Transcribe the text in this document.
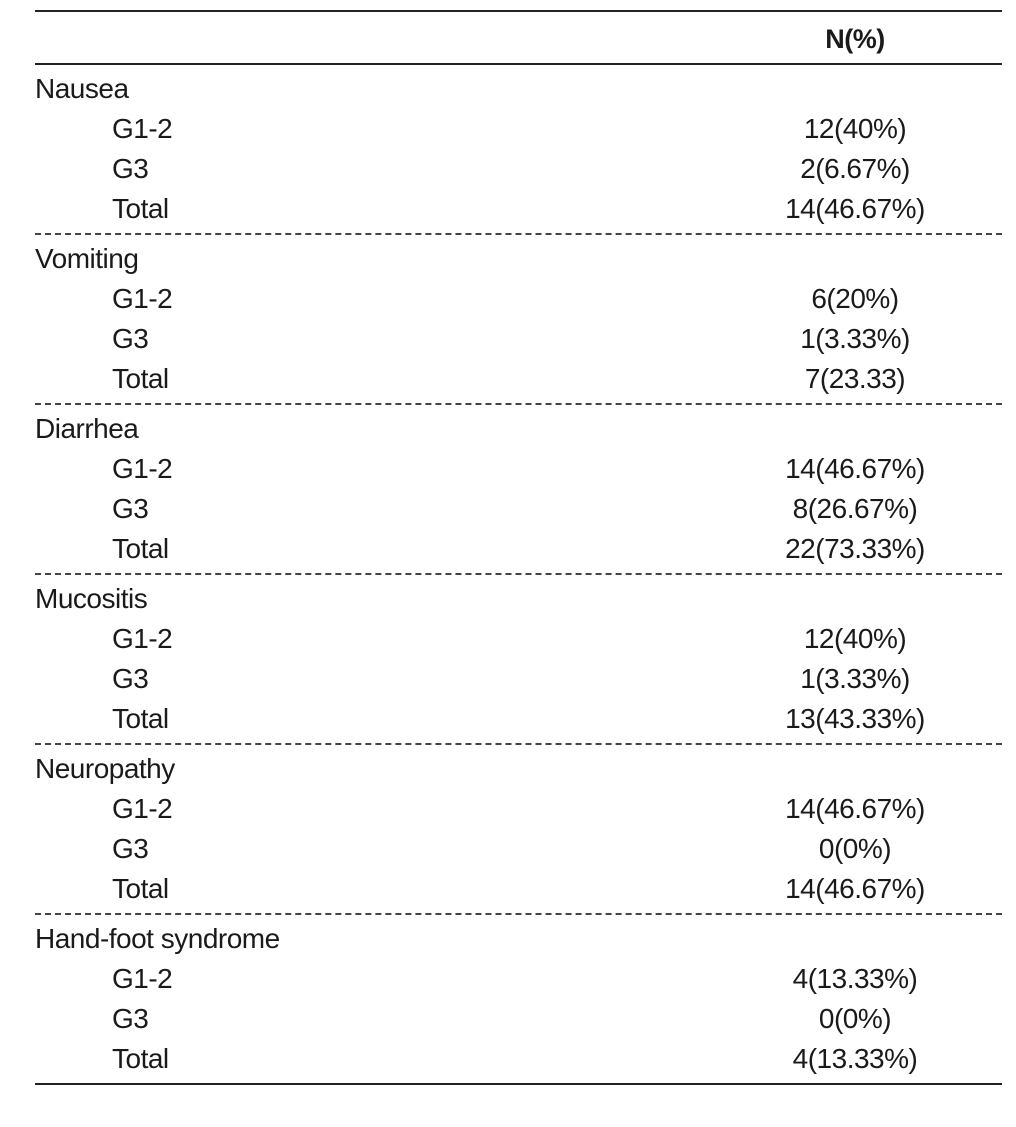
N(%)
Nausea
G1-2	12(40%)
G3	2(6.67%)
Total	14(46.67%)
Vomiting
G1-2	6(20%)
G3	1(3.33%)
Total	7(23.33)
Diarrhea
G1-2	14(46.67%)
G3	8(26.67%)
Total	22(73.33%)
Mucositis
G1-2	12(40%)
G3	1(3.33%)
Total	13(43.33%)
Neuropathy
G1-2	14(46.67%)
G3	0(0%)
Total	14(46.67%)
Hand-foot syndrome
G1-2	4(13.33%)
G3	0(0%)
Total	4(13.33%)
